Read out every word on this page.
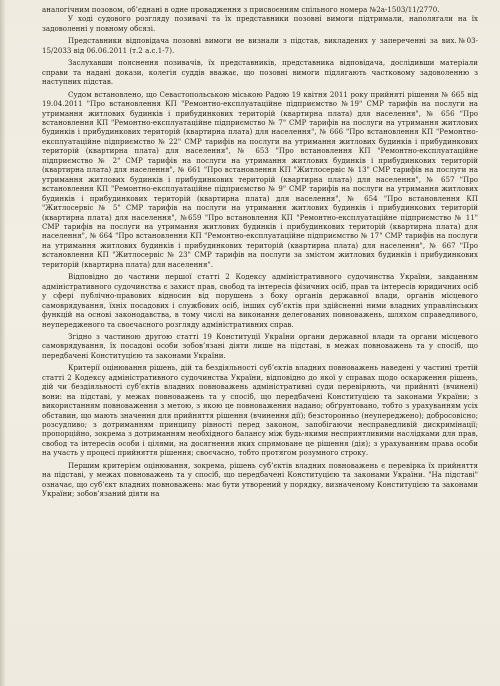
аналогічним позовом, об’єднані в одне провадження з присвоєнням спільного номера №2а-1503/11/2770.

У ході судового розгляду позивачі та їх представники позовні вимоги підтримали, наполягали на їх задоволенні у повному обсязі.

Представники відповідача позовні вимоги не визнали з підстав, викладених у запереченні за вих.№03-15/2033 від 06.06.2011 (т.2 а.с.1-7).

Заслухавши пояснення позивачів, їх представників, представника відповідача, дослідивши матеріали справи та надані докази, колегія суддів вважає, що позовні вимоги підлягають частковому задоволенню з наступних підстав.

Судом встановлено, що Севастопольською міською Радою 19 квітня 2011 року прийняті рішення № 665 від 19.04.2011 "Про встановлення КП "Ремонтно-експлуатаційне підприємство №19" СМР тарифів на послуги на утримання житлових будинків і прибудинкових територій (квартирна плата) для населення", № 656 "Про встановлення КП "Ремонтно-експлуатаційне підприємство № 7" СМР тарифів на послуги на утримання житлових будинків і прибудинкових територій (квартирна плата) для населення", № 666 "Про встановлення КП "Ремонтно-експлуатаційне підприємство № 22" СМР тарифів на послуги на утримання житлових будинків і прибудинкових територій (квартирна плата) для населення", № 653 "Про встановлення КП "Ремонтно-експлуатаційне підприємство № 2" СМР тарифів на послуги на утримання житлових будинків і прибудинкових територій (квартирна плата) для населення", № 661 "Про встановлення КП "Житлосервіс № 13" СМР тарифів на послуги на утримання житлових будинків і прибудинкових територій (квартирна плата) для населення", № 657 "Про встановлення КП "Ремонтно-експлуатаційне підприємство № 9" СМР тарифів на послуги на утримання житлових будинків і прибудинкових територій (квартирна плата) для населення", № 654 "Про встановлення КП "Житлосервіс № 5" СМР тарифів на послуги на утримання житлових будинків і прибудинкових територій (квартирна плата) для населення", №659 "Про встановлення КП "Ремонтно-експлуатаційне підприємство № 11" СМР тарифів на послуги на утримання житлових будинків і прибудинкових територій (квартирна плата) для населення", № 664 "Про встановлення КП "Ремонтно-експлуатаційне підприємство № 17" СМР тарифів на послуги на утримання житлових будинків і прибудинкових територій (квартирна плата) для населення", № 667 "Про встановлення КП "Житлосервіс № 23" СМР тарифів на послуги за змістом житлових будинків і прибудинкових територій (квартирна плата) для населення".

Відповідно до частини першої статті 2 Кодексу адміністративного судочинства України, завданням адміністративного судочинства є захист прав, свобод та інтересів фізичних осіб, прав та інтересів юридичних осіб у сфері публічно-правових відносин від порушень з боку органів державної влади, органів місцевого самоврядування, їхніх посадових і службових осіб, інших суб’єктів при здійсненні ними владних управлінських функцій на основі законодавства, в тому числі на виконання делегованих повноважень, шляхом справедливого, неупередженого та своєчасного розгляду адміністративних справ.

Згідно з частиною другою статті 19 Конституції України органи державної влади та органи місцевого самоврядування, їх посадові особи зобов’язані діяти лише на підставі, в межах повноважень та у спосіб, що передбачені Конституцією та законами України.

Критерії оцінювання рішень, дій та бездіяльності суб’єктів владних повноважень наведені у частині третій статті 2 Кодексу адміністративного судочинства України, відповідно до якої у справах щодо оскарження рішень, дій чи бездіяльності суб’єктів владних повноважень адміністративні суди перевіряють, чи прийняті (вчинені) вони: на підставі, у межах повноважень та у спосіб, що передбачені Конституцією та законами України; з використанням повноваження з метою, з якою це повноваження надано; обґрунтовано, тобто з урахуванням усіх обставин, що мають значення для прийняття рішення (вчинення дії); безсторонньо (неупереджено); добросовісно; розсудливо; з дотриманням принципу рівності перед законом, запобігаючи несправедливій дискримінації; пропорційно, зокрема з дотриманням необхідного балансу між будь-якими несприятливими наслідками для прав, свобод та інтересів особи і цілями, на досягнення яких спрямоване це рішення (дія); з урахуванням права особи на участь у процесі прийняття рішення; своєчасно, тобто протягом розумного строку.

Першим критерієм оцінювання, зокрема, рішень суб’єктів владних повноважень є перевірка їх прийняття на підставі, у межах повноважень та у спосіб, що передбачені Конституцією та законами України. "На підставі" означає, що суб’єкт владних повноважень: має бути утворений у порядку, визначеному Конституцією та законами України; зобов’язаний діяти на
